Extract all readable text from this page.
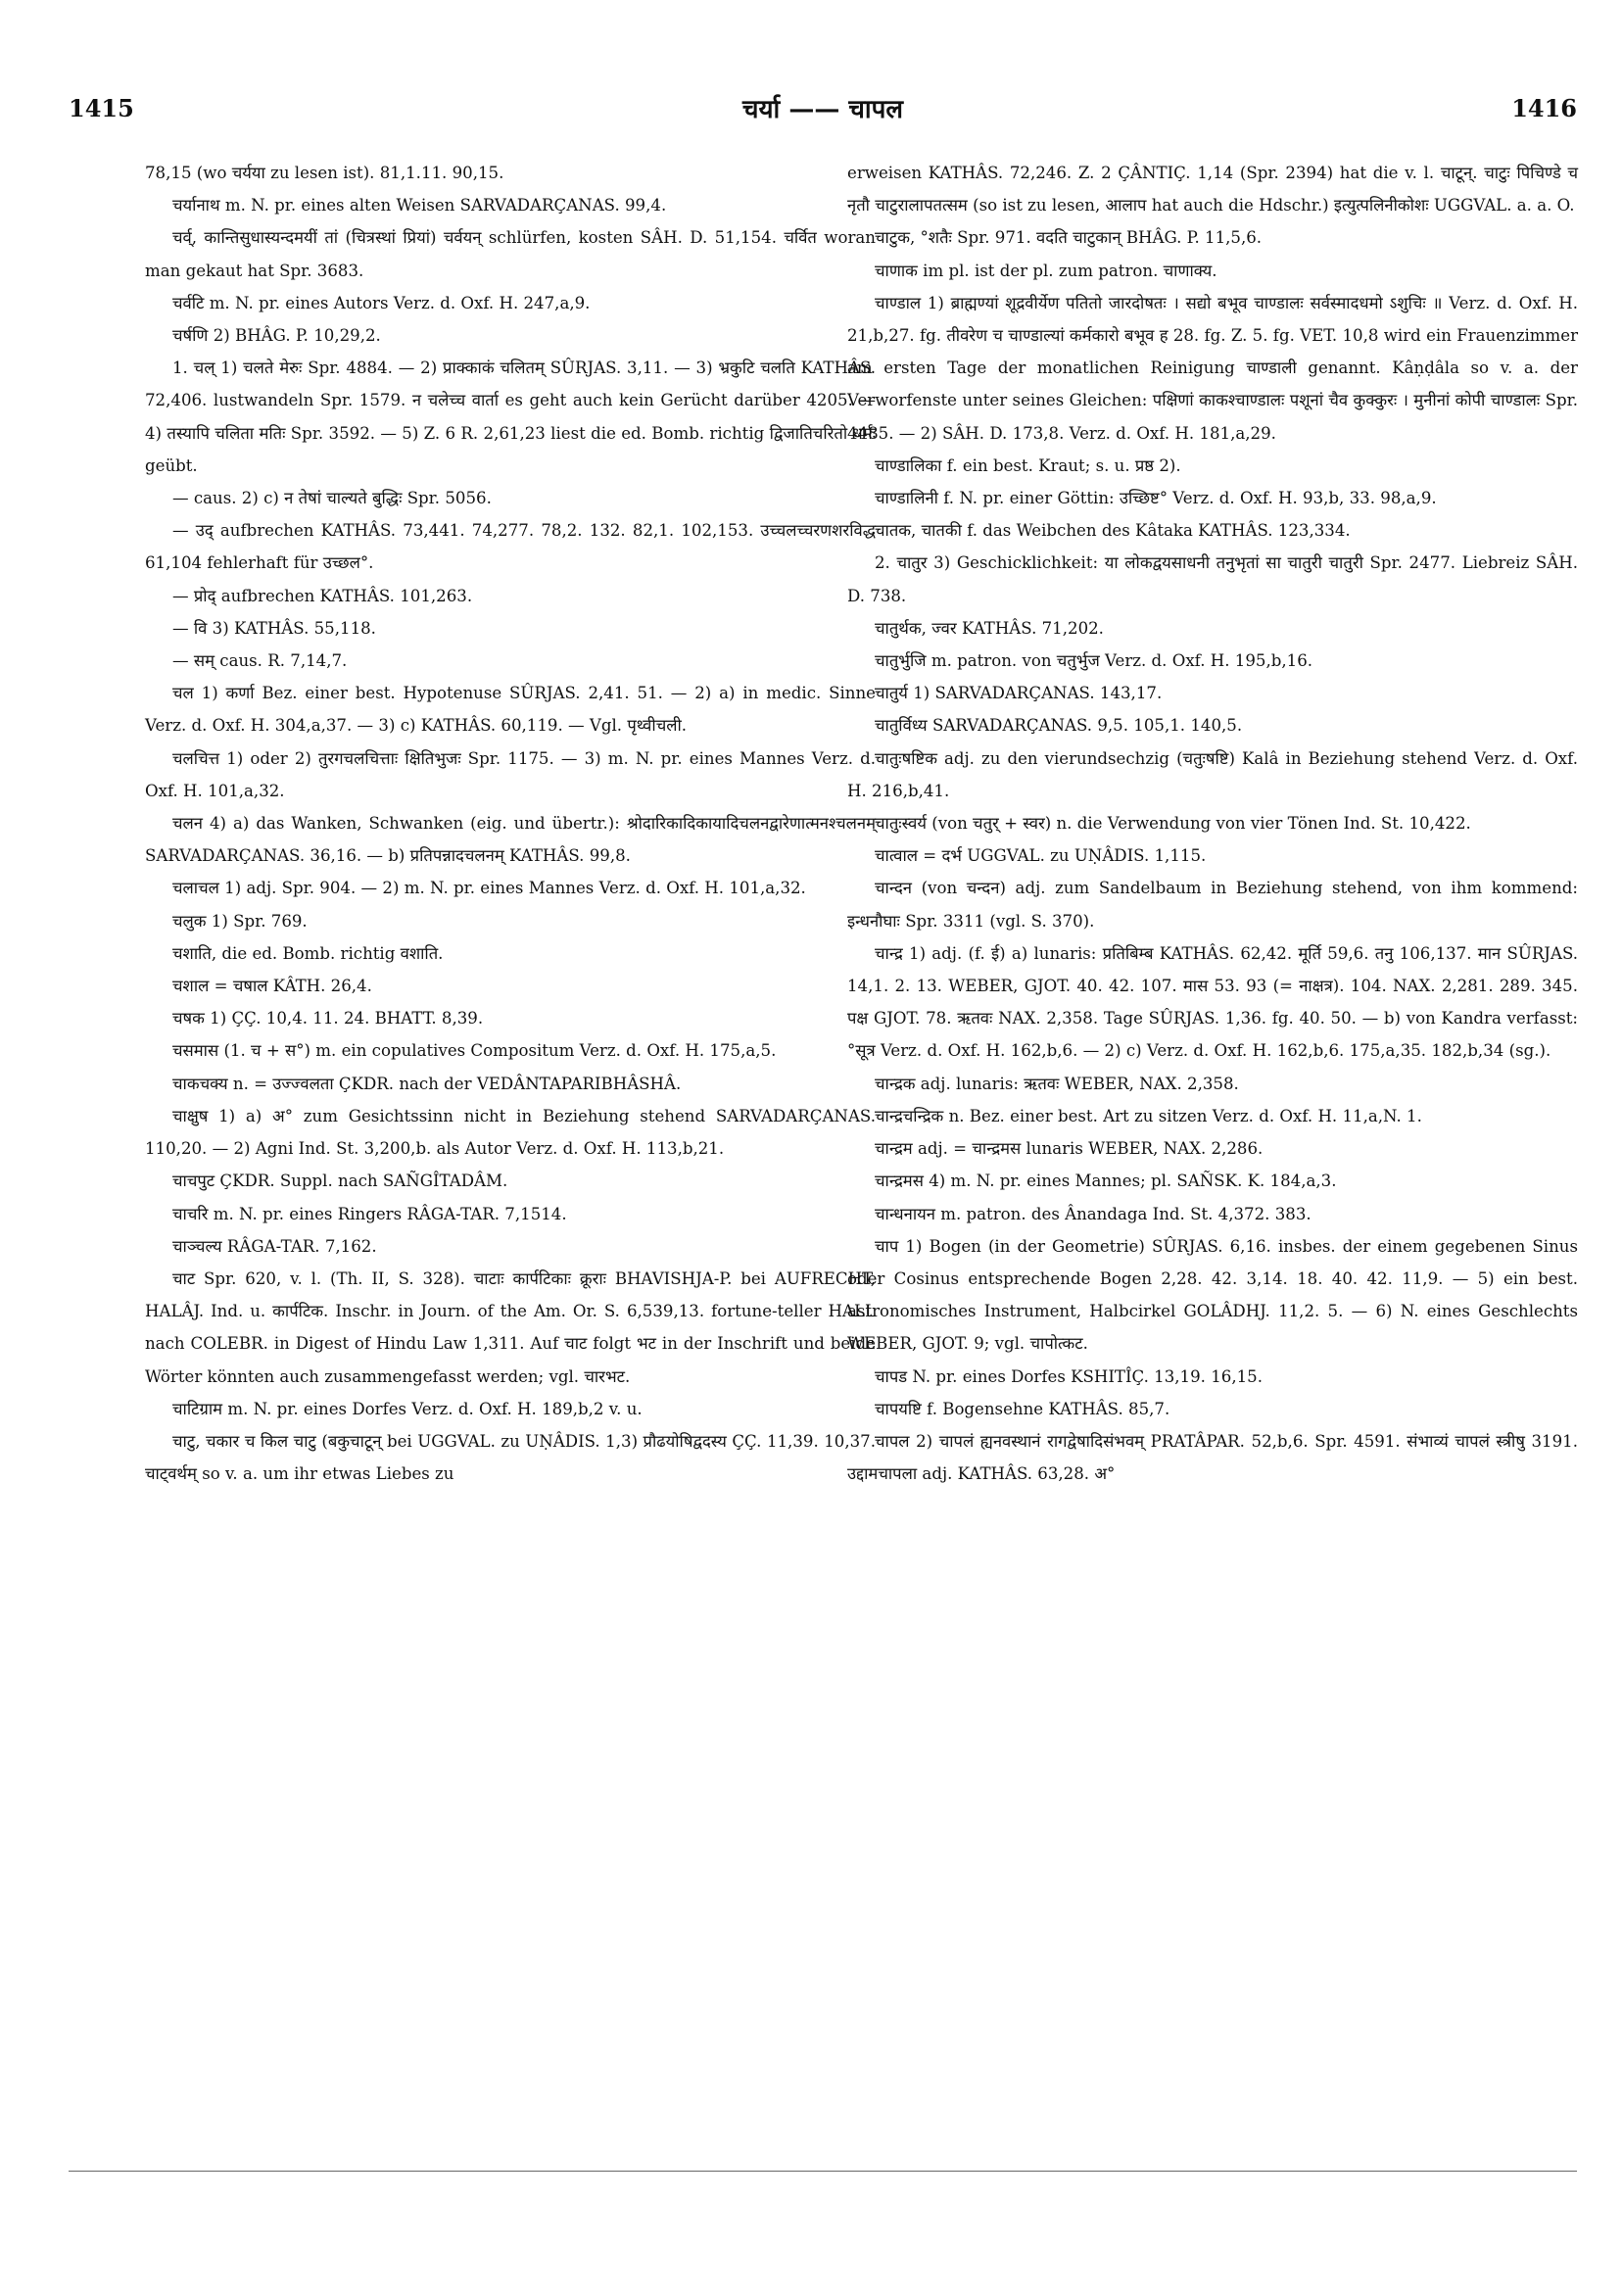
1415	चर्या —— चापल	1416

78,15 (wo चर्यया zu lesen ist). 81,1.11. 90,15.

चर्यानाथ m. N. pr. eines alten Weisen SARVADARÇANAS. 99,4.

चर्व्, कान्तिसुधास्यन्दमयीं तां (चित्रस्थां प्रियां) चर्वयन् schlürfen, kosten SÂH. D. 51,154. चर्वित woran man gekaut hat Spr. 3683.

चर्वटि m. N. pr. eines Autors Verz. d. Oxf. H. 247,a,9.

चर्षणि 2) BHÂG. P. 10,29,2.

1. चल् 1) चलते मेरुः Spr. 4884. — 2) प्राक्काकं चलितम् SÛRJAS. 3,11. — 3) भ्रकुटि चलति KATHÂS. 72,406. lustwandeln Spr. 1579. न चलेच्च वार्ता es geht auch kein Gerücht darüber 4205. — 4) तस्यापि चलिता मतिः Spr. 3592. — 5) Z. 6 R. 2,61,23 liest die ed. Bomb. richtig द्विजातिचरितो धर्मः geübt.

— caus. 2) c) न तेषां चाल्यते बुद्धिः Spr. 5056.

— उद् aufbrechen KATHÂS. 73,441. 74,277. 78,2. 132. 82,1. 102,153. उच्चलच्चरणशरविद्ध 61,104 fehlerhaft für उच्छल°.

— प्रोद् aufbrechen KATHÂS. 101,263.

— वि 3) KATHÂS. 55,118.

— सम् caus. R. 7,14,7.

चल 1) कर्णा Bez. einer best. Hypotenuse SÛRJAS. 2,41. 51. — 2) a) in medic. Sinne Verz. d. Oxf. H. 304,a,37. — 3) c) KATHÂS. 60,119. — Vgl. पृथ्वीचली.

चलचित्त 1) oder 2) तुरगचलचित्ताः क्षितिभुजः Spr. 1175. — 3) m. N. pr. eines Mannes Verz. d. Oxf. H. 101,a,32.

चलन 4) a) das Wanken, Schwanken (eig. und übertr.): श्रोदारिकादिकायादिचलनद्वारेणात्मनश्चलनम् SARVADARÇANAS. 36,16. — b) प्रतिपन्नादचलनम् KATHÂS. 99,8.

चलाचल 1) adj. Spr. 904. — 2) m. N. pr. eines Mannes Verz. d. Oxf. H. 101,a,32.

चलुक 1) Spr. 769.

चशाति, die ed. Bomb. richtig वशाति.

चशाल = चषाल KÂTH. 26,4.

चषक 1) ÇÇ. 10,4. 11. 24. BHATT. 8,39.

चसमास (1. च + स°) m. ein copulatives Compositum Verz. d. Oxf. H. 175,a,5.

चाकचक्य n. = उज्ज्वलता ÇKDR. nach der VEDÂNTAPARIBHÂSHÂ.

चाक्षुष 1) a) अ° zum Gesichtssinn nicht in Beziehung stehend SARVADARÇANAS. 110,20. — 2) Agni Ind. St. 3,200,b. als Autor Verz. d. Oxf. H. 113,b,21.

चाचपुट ÇKDR. Suppl. nach SAÑGÎTADÂM.

चाचरि m. N. pr. eines Ringers RÂGA-TAR. 7,1514.

चाञ्चल्य RÂGA-TAR. 7,162.

चाट Spr. 620, v. l. (Th. II, S. 328). चाटाः कार्पटिकाः क्रूराः BHAVISHJA-P. bei AUFRECHT, HALÂJ. Ind. u. कार्पटिक. Inschr. in Journ. of the Am. Or. S. 6,539,13. fortune-teller HALL nach COLEBR. in Digest of Hindu Law 1,311. Auf चाट folgt भट in der Inschrift und beide Wörter könnten auch zusammengefasst werden; vgl. चारभट.

चाटिग्राम m. N. pr. eines Dorfes Verz. d. Oxf. H. 189,b,2 v. u.

चाटु, चकार च किल चाटु (बकुचाटून् bei UGGVAL. zu UṆÂDIS. 1,3) प्रौढयोषिद्वदस्य ÇÇ. 11,39. 10,37. चाट्वर्थम् so v. a. um ihr etwas Liebes zu

erweisen KATHÂS. 72,246. Z. 2 ÇÂNTIÇ. 1,14 (Spr. 2394) hat die v. l. चाटून्. चाटुः पिचिण्डे च नृतौ चाटुरालापतत्सम (so ist zu lesen, आलाप hat auch die Hdschr.) इत्युत्पलिनीकोशः UGGVAL. a. a. O.

चाटुक, °शतैः Spr. 971. वदति चाटुकान् BHÂG. P. 11,5,6.

चाणाक im pl. ist der pl. zum patron. चाणाक्य.

चाण्डाल 1) ब्राह्मण्यां शूद्रवीर्येण पतितो जारदोषतः । सद्यो बभूव चाण्डालः सर्वस्मादधमो ऽशुचिः ॥ Verz. d. Oxf. H. 21,b,27. fg. तीवरेण च चाण्डाल्यां कर्मकारो बभूव ह 28. fg. Z. 5. fg. VET. 10,8 wird ein Frauenzimmer am ersten Tage der monatlichen Reinigung चाण्डाली genannt. Kâṇḍâla so v. a. der Verworfenste unter seines Gleichen: पक्षिणां काकश्चाण्डालः पशूनां चैव कुक्कुरः । मुनीनां कोपी चाण्डालः Spr. 4485. — 2) SÂH. D. 173,8. Verz. d. Oxf. H. 181,a,29.

चाण्डालिका f. ein best. Kraut; s. u. प्रष्ठ 2).

चाण्डालिनी f. N. pr. einer Göttin: उच्छिष्ट° Verz. d. Oxf. H. 93,b, 33. 98,a,9.

चातक, चातकी f. das Weibchen des Kâtaka KATHÂS. 123,334.

2. चातुर 3) Geschicklichkeit: या लोकद्वयसाधनी तनुभृतां सा चातुरी चातुरी Spr. 2477. Liebreiz SÂH. D. 738.

चातुर्थक, ज्वर KATHÂS. 71,202.

चातुर्भुजि m. patron. von चतुर्भुज Verz. d. Oxf. H. 195,b,16.

चातुर्य 1) SARVADARÇANAS. 143,17.

चातुर्विध्य SARVADARÇANAS. 9,5. 105,1. 140,5.

चातुःषष्टिक adj. zu den vierundsechzig (चतुःषष्टि) Kalâ in Beziehung stehend Verz. d. Oxf. H. 216,b,41.

चातुःस्वर्य (von चतुर् + स्वर) n. die Verwendung von vier Tönen Ind. St. 10,422.

चात्वाल = दर्भ UGGVAL. zu UṆÂDIS. 1,115.

चान्दन (von चन्दन) adj. zum Sandelbaum in Beziehung stehend, von ihm kommend: इन्धनौघाः Spr. 3311 (vgl. S. 370).

चान्द्र 1) adj. (f. ई) a) lunaris: प्रतिबिम्ब KATHÂS. 62,42. मूर्ति 59,6. तनु 106,137. मान SÛRJAS. 14,1. 2. 13. WEBER, GJOT. 40. 42. 107. मास 53. 93 (= नाक्षत्र). 104. NAX. 2,281. 289. 345. पक्ष GJOT. 78. ऋतवः NAX. 2,358. Tage SÛRJAS. 1,36. fg. 40. 50. — b) von Kandra verfasst: °सूत्र Verz. d. Oxf. H. 162,b,6. — 2) c) Verz. d. Oxf. H. 162,b,6. 175,a,35. 182,b,34 (sg.).

चान्द्रक adj. lunaris: ऋतवः WEBER, NAX. 2,358.

चान्द्रचन्द्रिक n. Bez. einer best. Art zu sitzen Verz. d. Oxf. H. 11,a,N. 1.

चान्द्रम adj. = चान्द्रमस lunaris WEBER, NAX. 2,286.

चान्द्रमस 4) m. N. pr. eines Mannes; pl. SAÑSK. K. 184,a,3.

चान्धनायन m. patron. des Ânandaga Ind. St. 4,372. 383.

चाप 1) Bogen (in der Geometrie) SÛRJAS. 6,16. insbes. der einem gegebenen Sinus oder Cosinus entsprechende Bogen 2,28. 42. 3,14. 18. 40. 42. 11,9. — 5) ein best. astronomisches Instrument, Halbcirkel GOLÂDHJ. 11,2. 5. — 6) N. eines Geschlechts WEBER, GJOT. 9; vgl. चापोत्कट.

चापड N. pr. eines Dorfes KSHITÎÇ. 13,19. 16,15.

चापयष्टि f. Bogensehne KATHÂS. 85,7.

चापल 2) चापलं ह्यनवस्थानं रागद्वेषादिसंभवम् PRATÂPAR. 52,b,6. Spr. 4591. संभाव्यं चापलं स्त्रीषु 3191. उद्दामचापला adj. KATHÂS. 63,28. अ°
